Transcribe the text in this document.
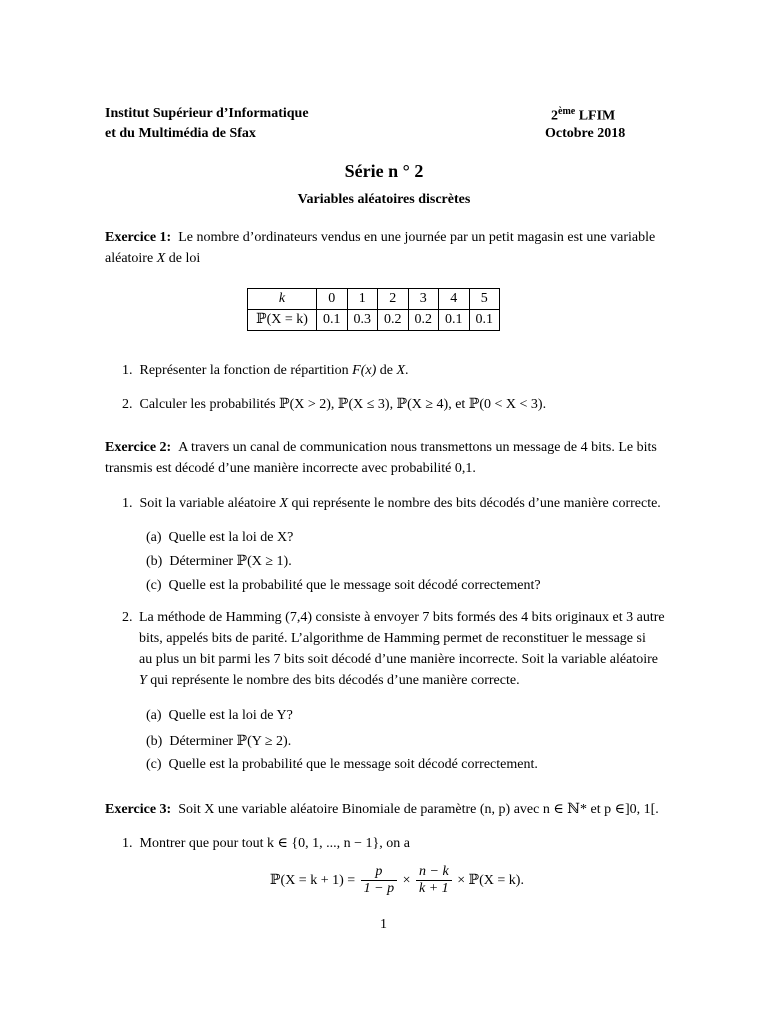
Institut Supérieur d’Informatique
et du Multimédia de Sfax
2ème LFIM
Octobre 2018
Série n ° 2
Variables aléatoires discrètes
Exercice 1: Le nombre d’ordinateurs vendus en une journée par un petit magasin est une variable
aléatoire X de loi
k	0	1	2	3	4	5
ℙ(X = k)	0.1	0.3	0.2	0.2	0.1	0.1
1. Représenter la fonction de répartition F(x) de X.
2. Calculer les probabilités ℙ(X > 2), ℙ(X ≤ 3), ℙ(X ≥ 4), et ℙ(0 < X < 3).
Exercice 2: A travers un canal de communication nous transmettons un message de 4 bits. Le bits
transmis est décodé d’une manière incorrecte avec probabilité 0,1.
1. Soit la variable aléatoire X qui représente le nombre des bits décodés d’une manière correcte.
(a) Quelle est la loi de X?
(b) Déterminer ℙ(X ≥ 1).
(c) Quelle est la probabilité que le message soit décodé correctement?
2. La méthode de Hamming (7,4) consiste à envoyer 7 bits formés des 4 bits originaux et 3 autre
bits, appelés bits de parité. L’algorithme de Hamming permet de reconstituer le message si
au plus un bit parmi les 7 bits soit décodé d’une manière incorrecte. Soit la variable aléatoire
Y qui représente le nombre des bits décodés d’une manière correcte.
(a) Quelle est la loi de Y?
(b) Déterminer ℙ(Y ≥ 2).
(c) Quelle est la probabilité que le message soit décodé correctement.
Exercice 3: Soit X une variable aléatoire Binomiale de paramètre (n, p) avec n ∈ ℕ* et p ∈]0, 1[.
1. Montrer que pour tout k ∈ {0, 1, ..., n − 1}, on a
ℙ(X = $k + 1) = \frac{p}{1 - p} \times \frac{n - k}{k + 1}$ × ℙ(X = k).
1
